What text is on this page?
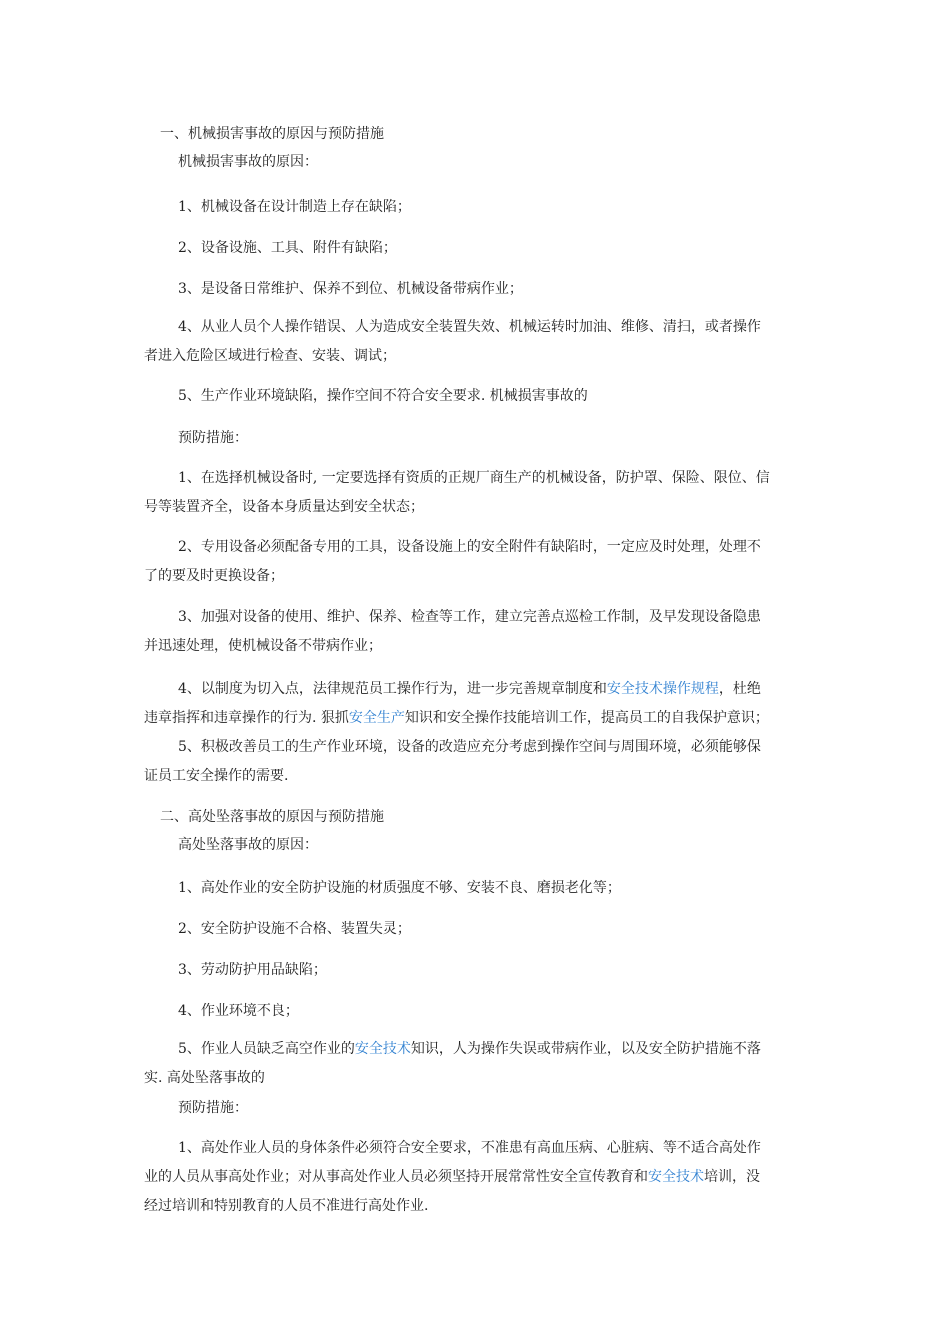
一、机械损害事故的原因与预防措施
机械损害事故的原因：
1、机械设备在设计制造上存在缺陷；
2、设备设施、工具、附件有缺陷；
3、是设备日常维护、保养不到位、机械设备带病作业；
4、从业人员个人操作错误、人为造成安全装置失效、机械运转时加油、维修、清扫，或者操作
者进入危险区域进行检查、安装、调试；
5、生产作业环境缺陷，操作空间不符合安全要求. 机械损害事故的
预防措施：
1、在选择机械设备时, 一定要选择有资质的正规厂商生产的机械设备，防护罩、保险、限位、信
号等装置齐全，设备本身质量达到安全状态；
2、专用设备必须配备专用的工具，设备设施上的安全附件有缺陷时，一定应及时处理，处理不
了的要及时更换设备；
3、加强对设备的使用、维护、保养、检查等工作，建立完善点巡检工作制，及早发现设备隐患
并迅速处理，使机械设备不带病作业；
4、以制度为切入点，法律规范员工操作行为，进一步完善规章制度和安全技术操作规程，杜绝
违章指挥和违章操作的行为. 狠抓安全生产知识和安全操作技能培训工作，提高员工的自我保护意识；
5、积极改善员工的生产作业环境，设备的改造应充分考虑到操作空间与周围环境，必须能够保
证员工安全操作的需要.
二、高处坠落事故的原因与预防措施
高处坠落事故的原因：
1、高处作业的安全防护设施的材质强度不够、安装不良、磨损老化等；
2、安全防护设施不合格、装置失灵；
3、劳动防护用品缺陷；
4、作业环境不良；
5、作业人员缺乏高空作业的安全技术知识，人为操作失误或带病作业，以及安全防护措施不落
实. 高处坠落事故的
预防措施：
1、高处作业人员的身体条件必须符合安全要求，不准患有高血压病、心脏病、等不适合高处作
业的人员从事高处作业；对从事高处作业人员必须坚持开展常常性安全宣传教育和安全技术培训，没
经过培训和特别教育的人员不准进行高处作业.
